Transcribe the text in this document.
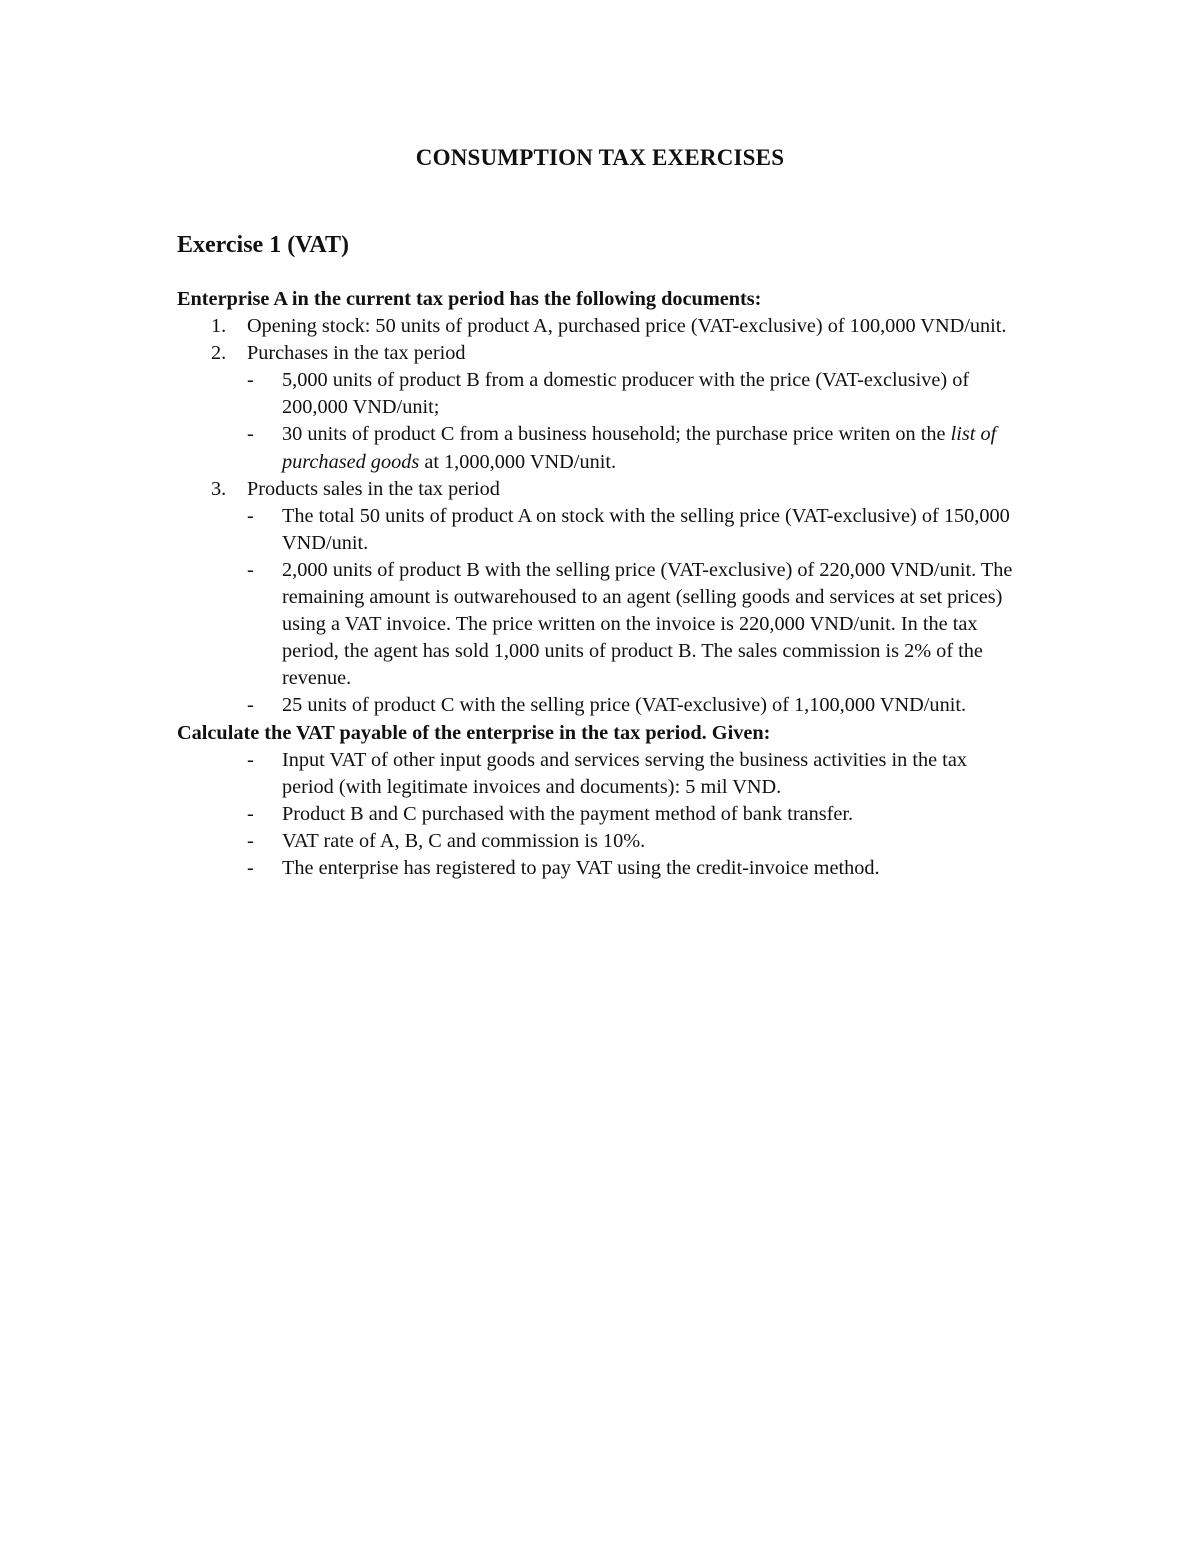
CONSUMPTION TAX EXERCISES
Exercise 1 (VAT)
Enterprise A in the current tax period has the following documents:
1.	Opening stock: 50 units of product A, purchased price (VAT-exclusive) of 100,000 VND/unit.
2.	Purchases in the tax period
-	5,000 units of product B from a domestic producer with the price (VAT-exclusive) of 200,000 VND/unit;
-	30 units of product C from a business household; the purchase price writen on the list of purchased goods at 1,000,000 VND/unit.
3.	Products sales in the tax period
-	The total 50 units of product A on stock with the selling price (VAT-exclusive) of 150,000 VND/unit.
-	2,000 units of product B with the selling price (VAT-exclusive) of 220,000 VND/unit. The remaining amount is outwarehoused to an agent (selling goods and services at set prices) using a VAT invoice. The price written on the invoice is 220,000 VND/unit. In the tax period, the agent has sold 1,000 units of product B. The sales commission is 2% of the revenue.
-	25 units of product C with the selling price (VAT-exclusive) of 1,100,000 VND/unit.
Calculate the VAT payable of the enterprise in the tax period. Given:
-	Input VAT of other input goods and services serving the business activities in the tax period (with legitimate invoices and documents): 5 mil VND.
-	Product B and C purchased with the payment method of bank transfer.
-	VAT rate of A, B, C and commission is 10%.
-	The enterprise has registered to pay VAT using the credit-invoice method.
